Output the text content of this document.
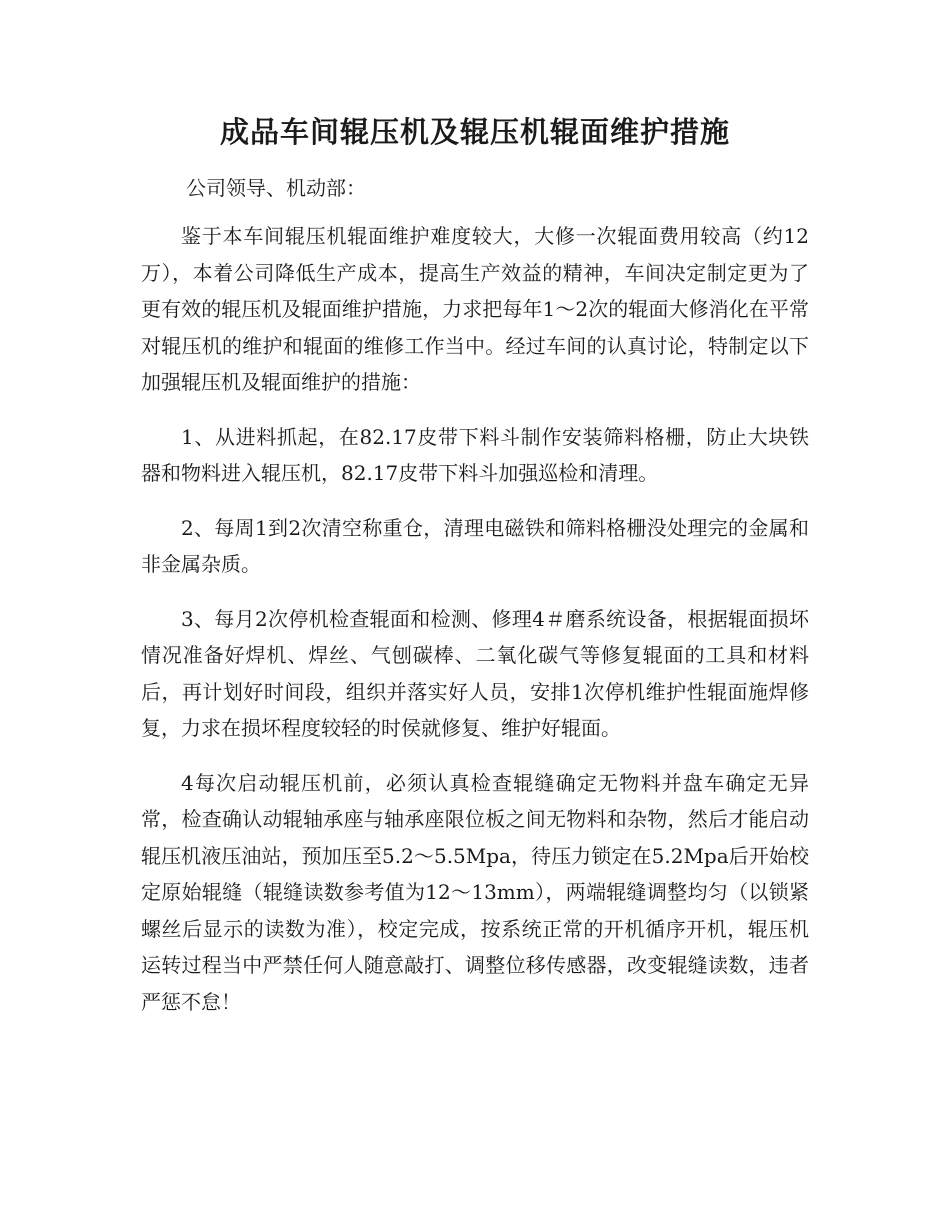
成品车间辊压机及辊压机辊面维护措施

公司领导、机动部：

鉴于本车间辊压机辊面维护难度较大，大修一次辊面费用较高（约12万），本着公司降低生产成本，提高生产效益的精神，车间决定制定更为了更有效的辊压机及辊面维护措施，力求把每年1～2次的辊面大修消化在平常对辊压机的维护和辊面的维修工作当中。经过车间的认真讨论，特制定以下加强辊压机及辊面维护的措施：

1、从进料抓起，在82.17皮带下料斗制作安装筛料格栅，防止大块铁器和物料进入辊压机，82.17皮带下料斗加强巡检和清理。

2、每周1到2次清空称重仓，清理电磁铁和筛料格栅没处理完的金属和非金属杂质。

3、每月2次停机检查辊面和检测、修理4＃磨系统设备，根据辊面损坏情况准备好焊机、焊丝、气刨碳棒、二氧化碳气等修复辊面的工具和材料后，再计划好时间段，组织并落实好人员，安排1次停机维护性辊面施焊修复，力求在损坏程度较轻的时侯就修复、维护好辊面。

4每次启动辊压机前，必须认真检查辊缝确定无物料并盘车确定无异常，检查确认动辊轴承座与轴承座限位板之间无物料和杂物，然后才能启动辊压机液压油站，预加压至5.2～5.5Mpa，待压力锁定在5.2Mpa后开始校定原始辊缝（辊缝读数参考值为12～13mm），两端辊缝调整均匀（以锁紧螺丝后显示的读数为准），校定完成，按系统正常的开机循序开机，辊压机运转过程当中严禁任何人随意敲打、调整位移传感器，改变辊缝读数，违者严惩不怠！
